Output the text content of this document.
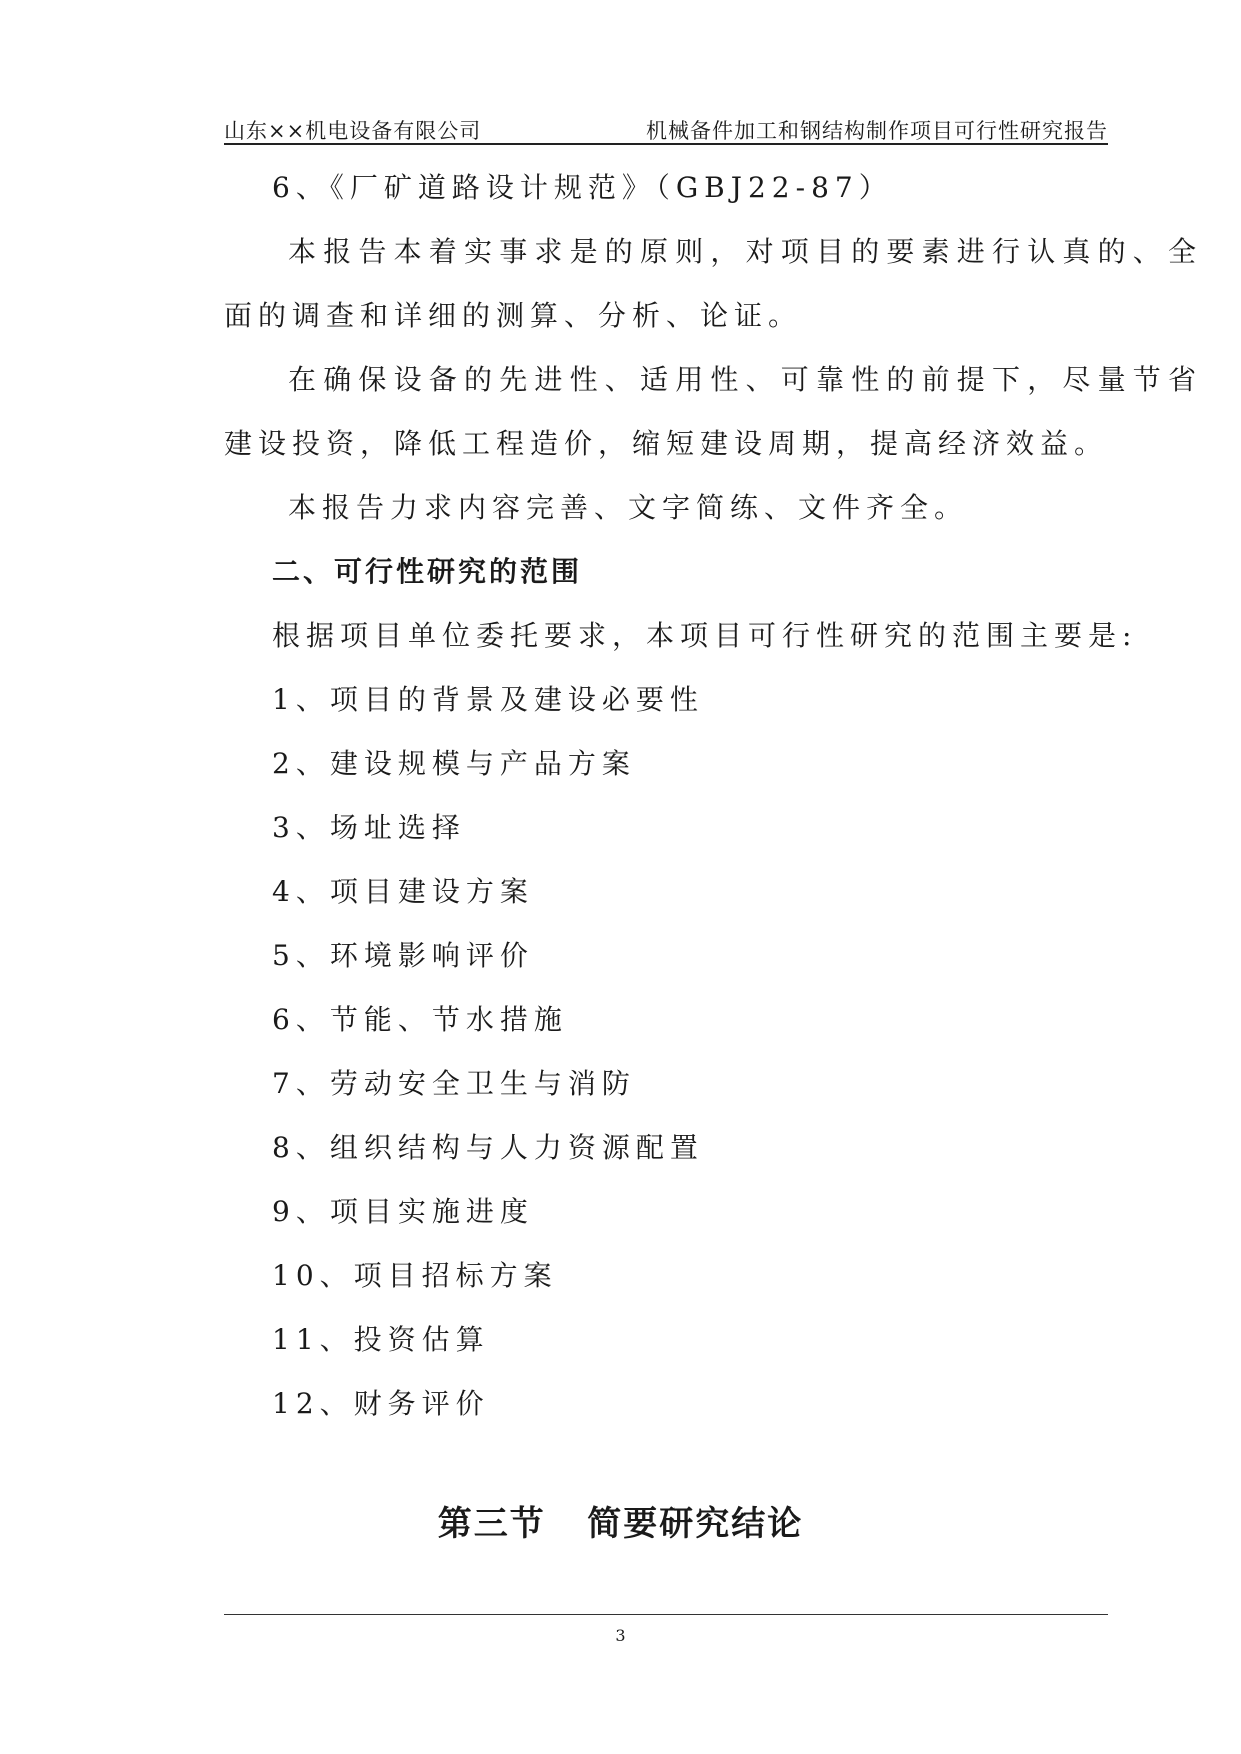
山东××机电设备有限公司	机械备件加工和钢结构制作项目可行性研究报告
6、《厂矿道路设计规范》（GBJ22-87）
本报告本着实事求是的原则，对项目的要素进行认真的、全
面的调查和详细的测算、分析、论证。
在确保设备的先进性、适用性、可靠性的前提下，尽量节省
建设投资，降低工程造价，缩短建设周期，提高经济效益。
本报告力求内容完善、文字简练、文件齐全。
二、可行性研究的范围
根据项目单位委托要求，本项目可行性研究的范围主要是:
1、项目的背景及建设必要性
2、建设规模与产品方案
3、场址选择
4、项目建设方案
5、环境影响评价
6、节能、节水措施
7、劳动安全卫生与消防
8、组织结构与人力资源配置
9、项目实施进度
10、项目招标方案
11、投资估算
12、财务评价
第三节   简要研究结论
3
